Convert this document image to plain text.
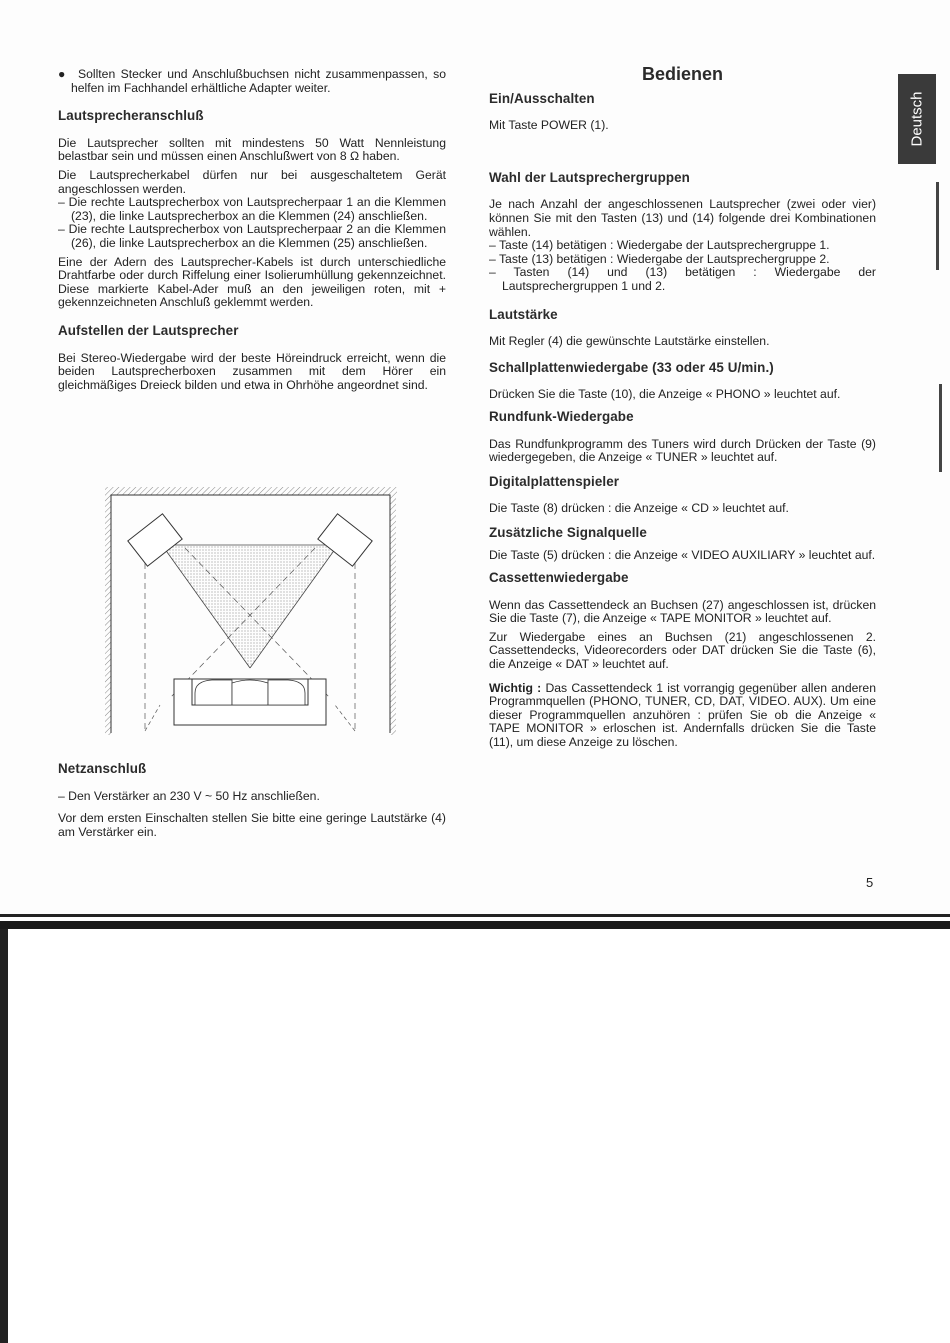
●  Sollten Stecker und Anschlußbuchsen nicht zusammenpassen, so helfen im Fachhandel erhältliche Adapter weiter.

Lautsprecheranschluß

Die Lautsprecher sollten mit mindestens 50 Watt Nennleistung belastbar sein und müssen einen Anschlußwert von 8 Ω haben.

Die Lautsprecherkabel dürfen nur bei ausgeschaltetem Gerät angeschlossen werden.

– Die rechte Lautsprecherbox von Lautsprecherpaar 1 an die Klemmen (23), die linke Lautsprecherbox an die Klemmen (24) anschließen.

– Die rechte Lautsprecherbox von Lautsprecherpaar 2 an die Klemmen (26), die linke Lautsprecherbox an die Klemmen (25) anschließen.

Eine der Adern des Lautsprecher-Kabels ist durch unterschiedliche Drahtfarbe oder durch Riffelung einer Isolierumhüllung gekennzeichnet. Diese markierte Kabel-Ader muß an den jeweiligen roten, mit + gekennzeichneten Anschluß geklemmt werden.

Aufstellen der Lautsprecher

Bei Stereo-Wiedergabe wird der beste Höreindruck erreicht, wenn die beiden Lautsprecherboxen zusammen mit dem Hörer ein gleichmäßiges Dreieck bilden und etwa in Ohrhöhe angeordnet sind.

Netzanschluß

– Den Verstärker an 230 V ~ 50 Hz anschließen.

Vor dem ersten Einschalten stellen Sie bitte eine geringe Lautstärke (4) am Verstärker ein.

Bedienen
Ein/Ausschalten

Mit Taste POWER (1).

Wahl der Lautsprechergruppen

Je nach Anzahl der angeschlossenen Lautsprecher (zwei oder vier) können Sie mit den Tasten (13) und (14) folgende drei Kombinationen wählen.

– Taste (14) betätigen : Wiedergabe der Lautsprechergruppe 1.

– Taste (13) betätigen : Wiedergabe der Lautsprechergruppe 2.

– Tasten (14) und (13) betätigen : Wiedergabe der Lautsprechergruppen 1 und 2.

Lautstärke

Mit Regler (4) die gewünschte Lautstärke einstellen.

Schallplattenwiedergabe (33 oder 45 U/min.)

Drücken Sie die Taste (10), die Anzeige « PHONO » leuchtet auf.

Rundfunk-Wiedergabe

Das Rundfunkprogramm des Tuners wird durch Drücken der Taste (9) wiedergegeben, die Anzeige « TUNER » leuchtet auf.

Digitalplattenspieler

Die Taste (8) drücken : die Anzeige « CD » leuchtet auf.

Zusätzliche Signalquelle

Die Taste (5) drücken : die Anzeige « VIDEO AUXILIARY » leuchtet auf.

Cassettenwiedergabe

Wenn das Cassettendeck an Buchsen (27) angeschlossen ist, drücken Sie die Taste (7), die Anzeige « TAPE MONITOR » leuchtet auf.

Zur Wiedergabe eines an Buchsen (21) angeschlossenen 2. Cassettendecks, Videorecorders oder DAT drücken Sie die Taste (6), die Anzeige « DAT » leuchtet auf.

Wichtig : Das Cassettendeck 1 ist vorrangig gegenüber allen anderen Programmquellen (PHONO, TUNER, CD, DAT, VIDEO. AUX). Um eine dieser Programmquellen anzuhören : prüfen Sie ob die Anzeige « TAPE MONITOR » erloschen ist. Andernfalls drücken Sie die Taste (11), um diese Anzeige zu löschen.

Deutsch
5
